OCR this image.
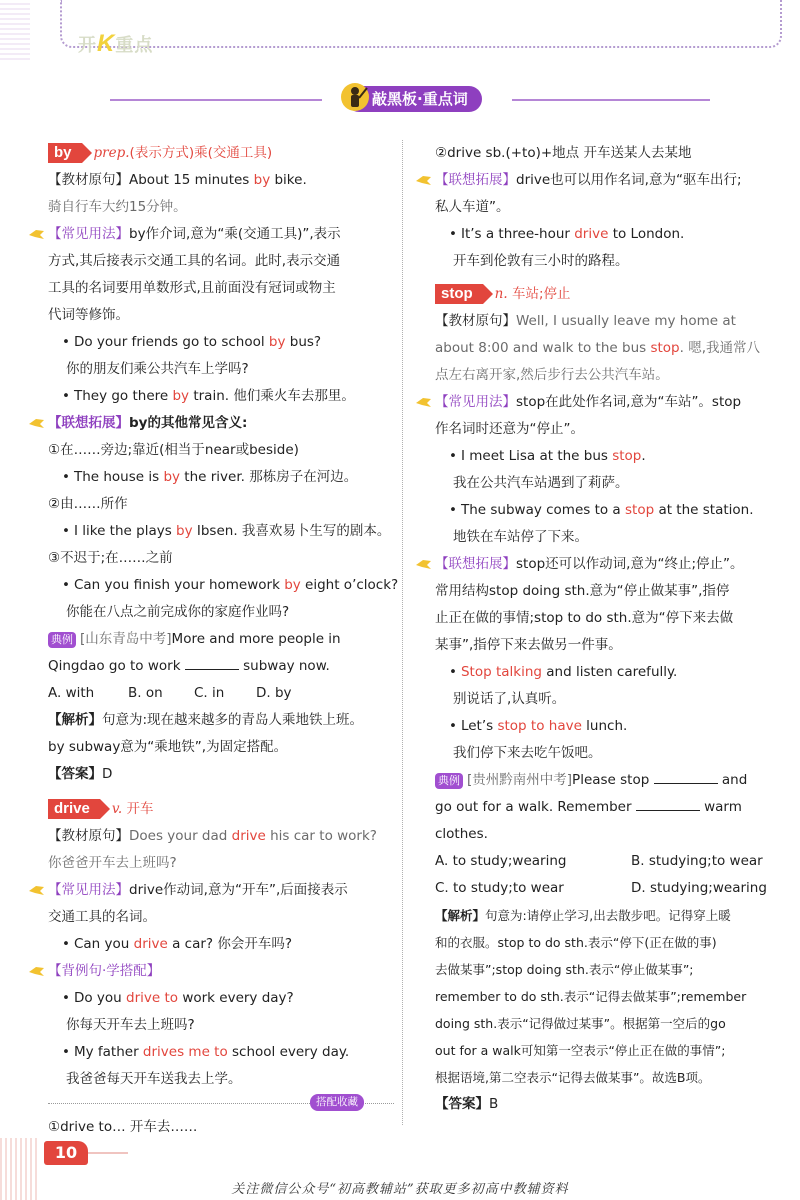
开K重点
敲黑板·重点词
by prep.(表示方式)乘(交通工具)
【教材原句】About 15 minutes by bike.
骑自行车大约15分钟。
【常见用法】by作介词,意为“乘(交通工具)”,表示
方式,其后接表示交通工具的名词。此时,表示交通
工具的名词要用单数形式,且前面没有冠词或物主
代词等修饰。
• Do your friends go to school by bus?
你的朋友们乘公共汽车上学吗?
• They go there by train. 他们乘火车去那里。
【联想拓展】by的其他常见含义:
①在……旁边;靠近(相当于near或beside)
• The house is by the river. 那栋房子在河边。
②由……所作
• I like the plays by Ibsen. 我喜欢易卜生写的剧本。
③不迟于;在……之前
• Can you finish your homework by eight o’clock?
你能在八点之前完成你的家庭作业吗?
典例 [山东青岛中考]More and more people in
Qingdao go to work	subway now.
A. with	B. on	C. in	D. by
【解析】句意为:现在越来越多的青岛人乘地铁上班。
by subway意为“乘地铁”,为固定搭配。
【答案】D
drive v. 开车
【教材原句】Does your dad drive his car to work?
你爸爸开车去上班吗?
【常见用法】drive作动词,意为“开车”,后面接表示
交通工具的名词。
• Can you drive a car? 你会开车吗?
【背例句·学搭配】
• Do you drive to work every day?
你每天开车去上班吗?
• My father drives me to school every day.
我爸爸每天开车送我去上学。
搭配收藏
①drive to… 开车去……
②drive sb.(+to)+地点 开车送某人去某地
【联想拓展】drive也可以用作名词,意为“驱车出行;
私人车道”。
• It’s a three-hour drive to London.
开车到伦敦有三小时的路程。
stop n. 车站;停止
【教材原句】Well, I usually leave my home at
about 8:00 and walk to the bus stop. 嗯,我通常八
点左右离开家,然后步行去公共汽车站。
【常见用法】stop在此处作名词,意为“车站”。stop
作名词时还意为“停止”。
• I meet Lisa at the bus stop.
我在公共汽车站遇到了莉萨。
• The subway comes to a stop at the station.
地铁在车站停了下来。
【联想拓展】stop还可以作动词,意为“终止;停止”。
常用结构stop doing sth.意为“停止做某事”,指停
止正在做的事情;stop to do sth.意为“停下来去做
某事”,指停下来去做另一件事。
• Stop talking and listen carefully.
别说话了,认真听。
• Let’s stop to have lunch.
我们停下来去吃午饭吧。
典例 [贵州黔南州中考]Please stop	and
go out for a walk. Remember	warm
clothes.
A. to study;wearing	B. studying;to wear
C. to study;to wear	D. studying;wearing
【解析】句意为:请停止学习,出去散步吧。记得穿上暖
和的衣服。stop to do sth.表示“停下(正在做的事)
去做某事”;stop doing sth.表示“停止做某事”;
remember to do sth.表示“记得去做某事”;remember
doing sth.表示“记得做过某事”。根据第一空后的go
out for a walk可知第一空表示“停止正在做的事情”;
根据语境,第二空表示“记得去做某事”。故选B项。
【答案】B
10
关注微信公众号“初高教辅站”获取更多初高中教辅资料
